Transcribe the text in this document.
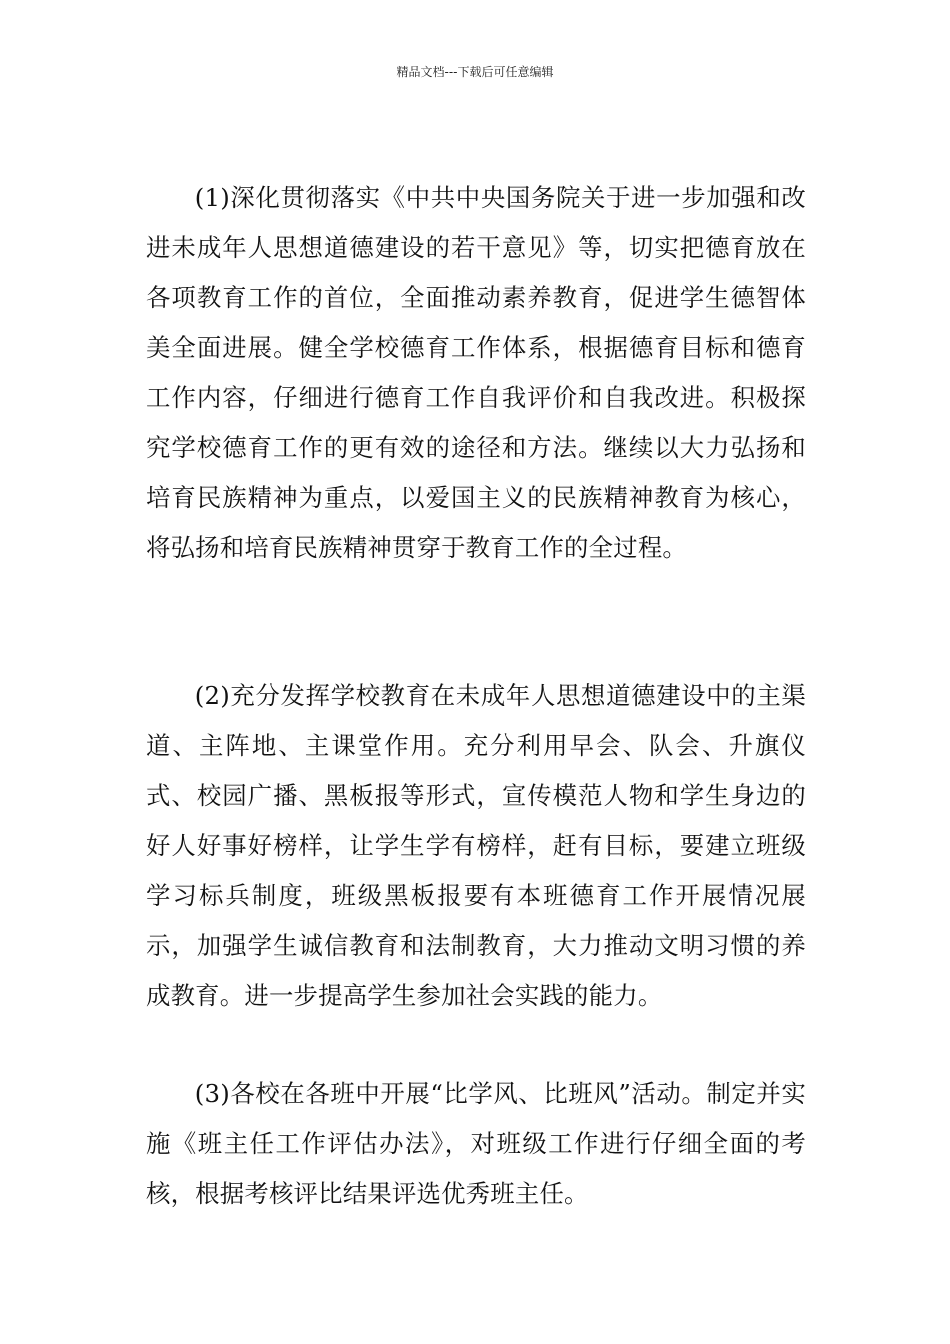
精品文档---下载后可任意编辑

(1)深化贯彻落实《中共中央国务院关于进一步加强和改进未成年人思想道德建设的若干意见》等，切实把德育放在各项教育工作的首位，全面推动素养教育，促进学生德智体美全面进展。健全学校德育工作体系，根据德育目标和德育工作内容，仔细进行德育工作自我评价和自我改进。积极探究学校德育工作的更有效的途径和方法。继续以大力弘扬和培育民族精神为重点，以爱国主义的民族精神教育为核心，将弘扬和培育民族精神贯穿于教育工作的全过程。

(2)充分发挥学校教育在未成年人思想道德建设中的主渠道、主阵地、主课堂作用。充分利用早会、队会、升旗仪式、校园广播、黑板报等形式，宣传模范人物和学生身边的好人好事好榜样，让学生学有榜样，赶有目标，要建立班级学习标兵制度，班级黑板报要有本班德育工作开展情况展示，加强学生诚信教育和法制教育，大力推动文明习惯的养成教育。进一步提高学生参加社会实践的能力。

(3)各校在各班中开展“比学风、比班风”活动。制定并实施《班主任工作评估办法》，对班级工作进行仔细全面的考核，根据考核评比结果评选优秀班主任。
